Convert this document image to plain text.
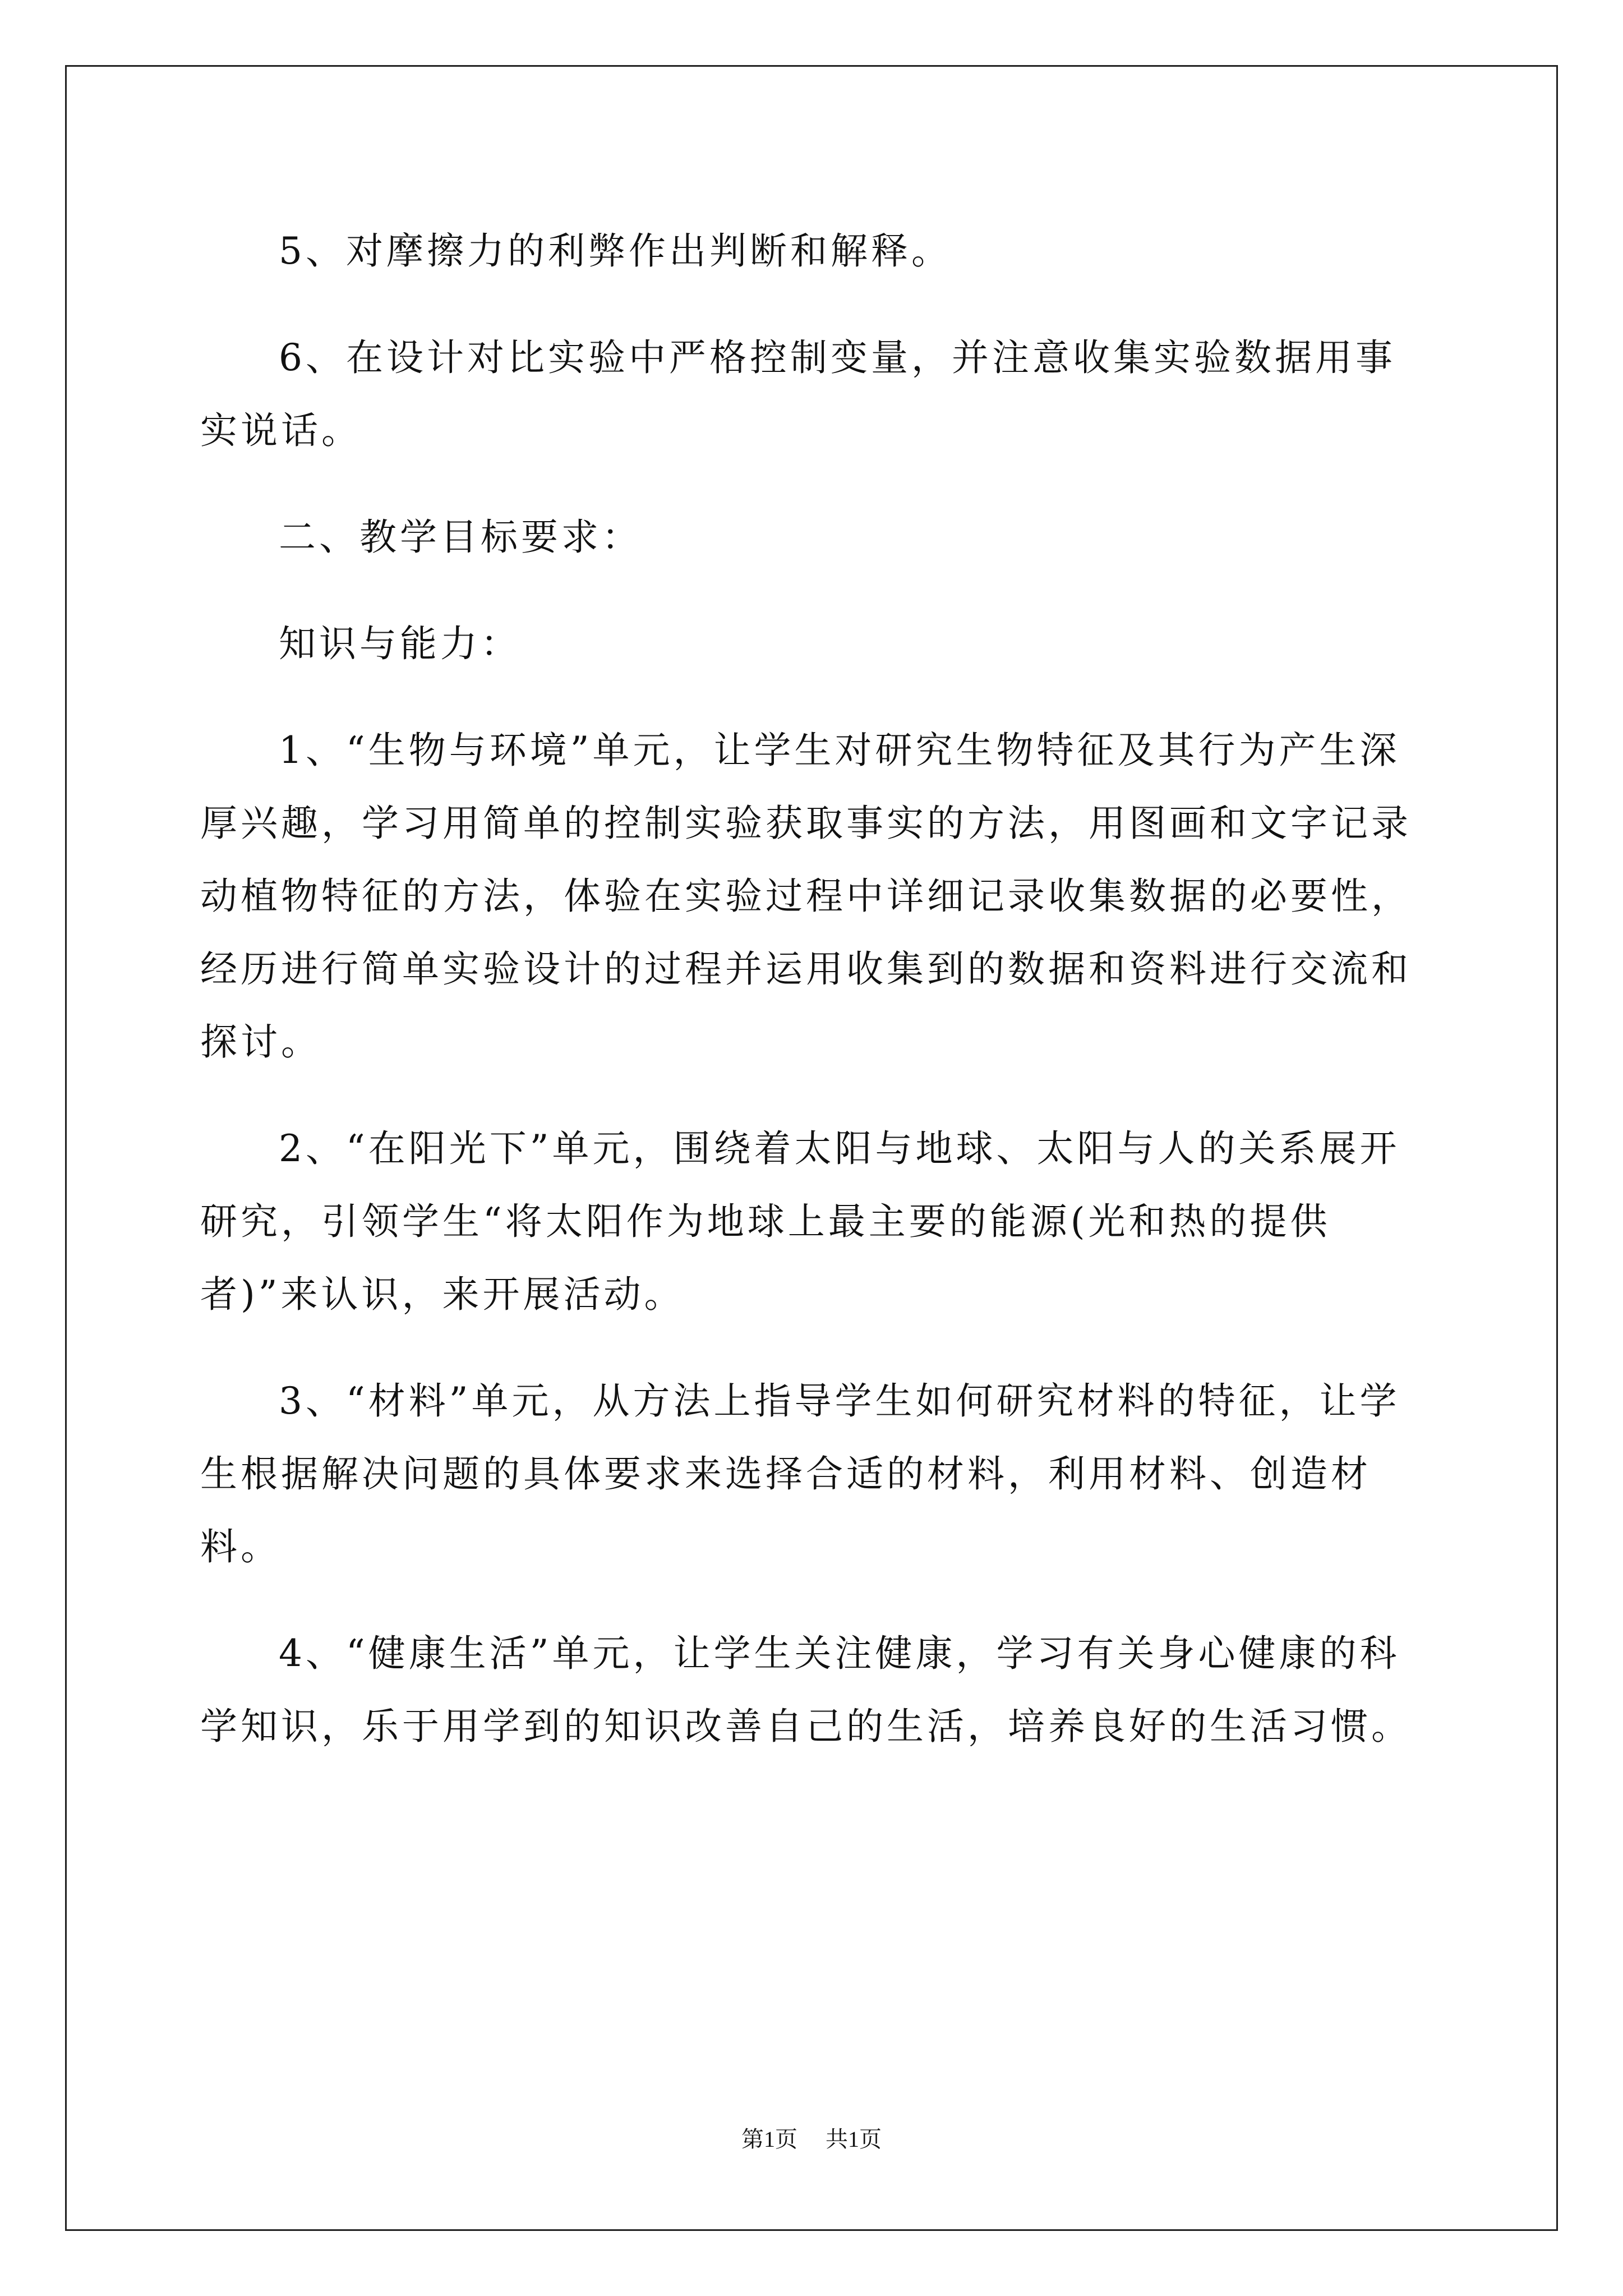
5、对摩擦力的利弊作出判断和解释。

6、在设计对比实验中严格控制变量，并注意收集实验数据用事实说话。

二、教学目标要求：

知识与能力：

1、“生物与环境”单元，让学生对研究生物特征及其行为产生深厚兴趣，学习用简单的控制实验获取事实的方法，用图画和文字记录动植物特征的方法，体验在实验过程中详细记录收集数据的必要性，经历进行简单实验设计的过程并运用收集到的数据和资料进行交流和探讨。

2、“在阳光下”单元，围绕着太阳与地球、太阳与人的关系展开研究，引领学生“将太阳作为地球上最主要的能源(光和热的提供者)”来认识，来开展活动。

3、“材料”单元，从方法上指导学生如何研究材料的特征，让学生根据解决问题的具体要求来选择合适的材料，利用材料、创造材料。

4、“健康生活”单元，让学生关注健康，学习有关身心健康的科学知识，乐于用学到的知识改善自己的生活，培养良好的生活习惯。

第1页 共1页
